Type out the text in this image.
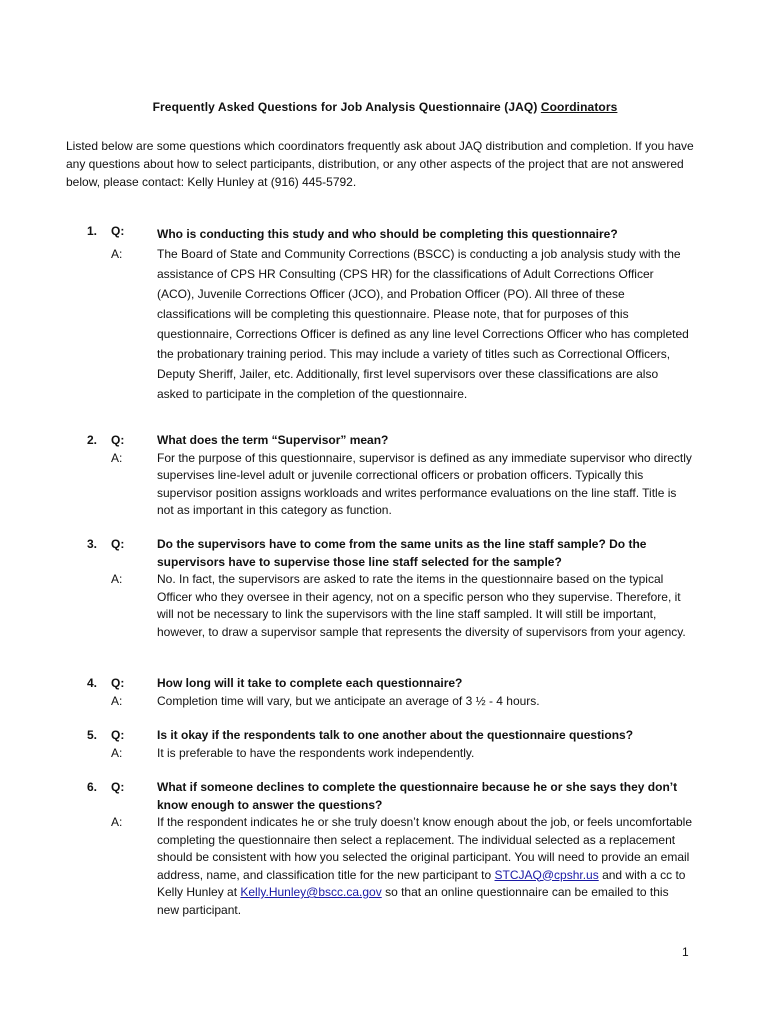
Frequently Asked Questions for Job Analysis Questionnaire (JAQ) Coordinators
Listed below are some questions which coordinators frequently ask about JAQ distribution and completion. If you have any questions about how to select participants, distribution, or any other aspects of the project that are not answered below, please contact: Kelly Hunley at (916) 445-5792.
1. Q:	Who is conducting this study and who should be completing this questionnaire?
A:	The Board of State and Community Corrections (BSCC) is conducting a job analysis study with the assistance of CPS HR Consulting (CPS HR) for the classifications of Adult Corrections Officer (ACO), Juvenile Corrections Officer (JCO), and Probation Officer (PO). All three of these classifications will be completing this questionnaire. Please note, that for purposes of this questionnaire, Corrections Officer is defined as any line level Corrections Officer who has completed the probationary training period. This may include a variety of titles such as Correctional Officers, Deputy Sheriff, Jailer, etc. Additionally, first level supervisors over these classifications are also asked to participate in the completion of the questionnaire.
2. Q:	What does the term “Supervisor” mean?
A:	For the purpose of this questionnaire, supervisor is defined as any immediate supervisor who directly supervises line-level adult or juvenile correctional officers or probation officers. Typically this supervisor position assigns workloads and writes performance evaluations on the line staff. Title is not as important in this category as function.
3. Q:	Do the supervisors have to come from the same units as the line staff sample? Do the supervisors have to supervise those line staff selected for the sample?
A:	No. In fact, the supervisors are asked to rate the items in the questionnaire based on the typical Officer who they oversee in their agency, not on a specific person who they supervise. Therefore, it will not be necessary to link the supervisors with the line staff sampled. It will still be important, however, to draw a supervisor sample that represents the diversity of supervisors from your agency.
4. Q:	How long will it take to complete each questionnaire?
A:	Completion time will vary, but we anticipate an average of 3 ½ - 4 hours.
5. Q:	Is it okay if the respondents talk to one another about the questionnaire questions?
A:	It is preferable to have the respondents work independently.
6. Q:	What if someone declines to complete the questionnaire because he or she says they don’t know enough to answer the questions?
A:	If the respondent indicates he or she truly doesn’t know enough about the job, or feels uncomfortable completing the questionnaire then select a replacement. The individual selected as a replacement should be consistent with how you selected the original participant. You will need to provide an email address, name, and classification title for the new participant to STCJAQ@cpshr.us and with a cc to Kelly Hunley at Kelly.Hunley@bscc.ca.gov so that an online questionnaire can be emailed to this new participant.
1
